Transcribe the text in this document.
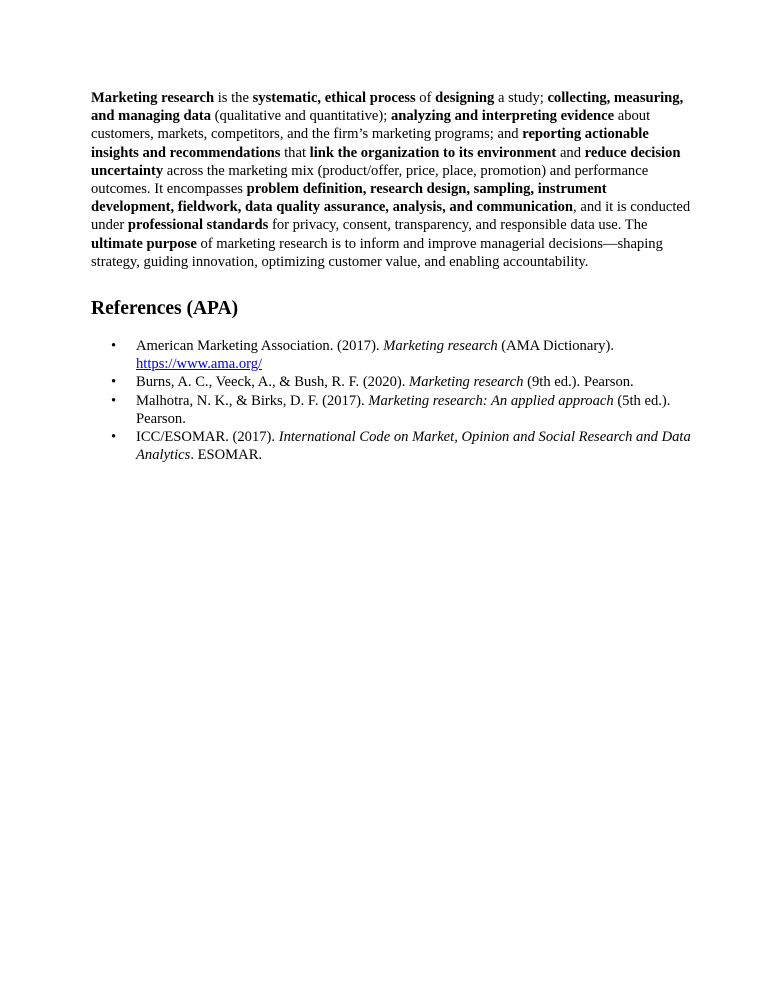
Marketing research is the systematic, ethical process of designing a study; collecting, measuring, and managing data (qualitative and quantitative); analyzing and interpreting evidence about customers, markets, competitors, and the firm’s marketing programs; and reporting actionable insights and recommendations that link the organization to its environment and reduce decision uncertainty across the marketing mix (product/offer, price, place, promotion) and performance outcomes. It encompasses problem definition, research design, sampling, instrument development, fieldwork, data quality assurance, analysis, and communication, and it is conducted under professional standards for privacy, consent, transparency, and responsible data use. The ultimate purpose of marketing research is to inform and improve managerial decisions—shaping strategy, guiding innovation, optimizing customer value, and enabling accountability.

References (APA)
• American Marketing Association. (2017). Marketing research (AMA Dictionary). https://www.ama.org/
• Burns, A. C., Veeck, A., & Bush, R. F. (2020). Marketing research (9th ed.). Pearson.
• Malhotra, N. K., & Birks, D. F. (2017). Marketing research: An applied approach (5th ed.). Pearson.
• ICC/ESOMAR. (2017). International Code on Market, Opinion and Social Research and Data Analytics. ESOMAR.
